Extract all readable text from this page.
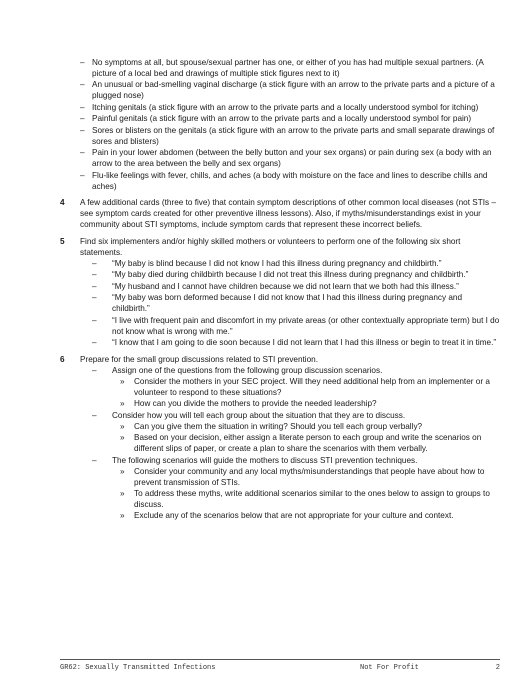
– No symptoms at all, but spouse/sexual partner has one, or either of you has had multiple sexual partners. (A picture of a local bed and drawings of multiple stick figures next to it)
– An unusual or bad-smelling vaginal discharge (a stick figure with an arrow to the private parts and a picture of a plugged nose)
– Itching genitals (a stick figure with an arrow to the private parts and a locally understood symbol for itching)
– Painful genitals (a stick figure with an arrow to the private parts and a locally understood symbol for pain)
– Sores or blisters on the genitals (a stick figure with an arrow to the private parts and small separate drawings of sores and blisters)
– Pain in your lower abdomen (between the belly button and your sex organs) or pain during sex (a body with an arrow to the area between the belly and sex organs)
– Flu-like feelings with fever, chills, and aches (a body with moisture on the face and lines to describe chills and aches)
4 A few additional cards (three to five) that contain symptom descriptions of other common local diseases (not STIs – see symptom cards created for other preventive illness lessons). Also, if myths/misunderstandings exist in your community about STI symptoms, include symptom cards that represent these incorrect beliefs.
5 Find six implementers and/or highly skilled mothers or volunteers to perform one of the following six short statements.
– “My baby is blind because I did not know I had this illness during pregnancy and childbirth.”
– “My baby died during childbirth because I did not treat this illness during pregnancy and childbirth.”
– “My husband and I cannot have children because we did not learn that we both had this illness.”
– “My baby was born deformed because I did not know that I had this illness during pregnancy and childbirth.”
– “I live with frequent pain and discomfort in my private areas (or other contextually appropriate term) but I do not know what is wrong with me.”
– “I know that I am going to die soon because I did not learn that I had this illness or begin to treat it in time.”
6 Prepare for the small group discussions related to STI prevention.
– Assign one of the questions from the following group discussion scenarios.
» Consider the mothers in your SEC project. Will they need additional help from an implementer or a volunteer to respond to these situations?
» How can you divide the mothers to provide the needed leadership?
– Consider how you will tell each group about the situation that they are to discuss.
» Can you give them the situation in writing? Should you tell each group verbally?
» Based on your decision, either assign a literate person to each group and write the scenarios on different slips of paper, or create a plan to share the scenarios with them verbally.
– The following scenarios will guide the mothers to discuss STI prevention techniques.
» Consider your community and any local myths/misunderstandings that people have about how to prevent transmission of STIs.
» To address these myths, write additional scenarios similar to the ones below to assign to groups to discuss.
» Exclude any of the scenarios below that are not appropriate for your culture and context.
GR62: Sexually Transmitted Infections	Not For Profit	2
